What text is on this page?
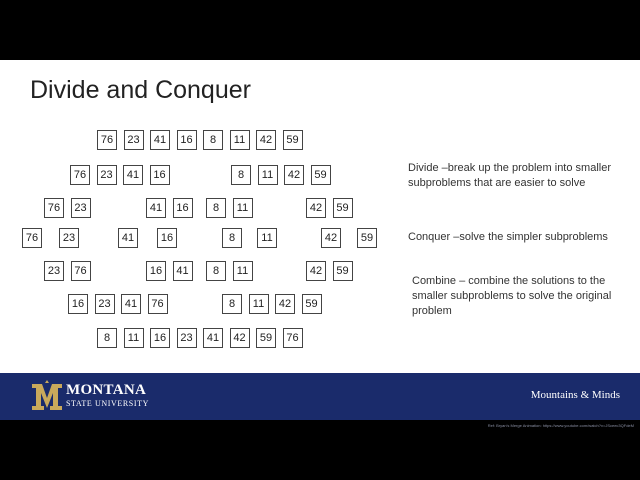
Divide and Conquer
76	23	41	16	8	11	42	59
76	23	41	16	8	11	42	59
76	23	41	16	8	11	42	59
76	23	41	16	8	11	42	59
23	76	16	41	8	11	42	59
16	23	41	76	8	11	42	59
8	11	16	23	41	42	59	76
Divide –break up the problem into smaller subproblems that are easier to solve
Conquer –solve the simpler subproblems
Combine – combine the solutions to the smaller subproblems to solve the original problem
MONTANA
STATE UNIVERSITY
Mountains & Minds
Ref: Bryan's Merge Animation: https://www.youtube.com/watch?v=JSceec3QFdeM
